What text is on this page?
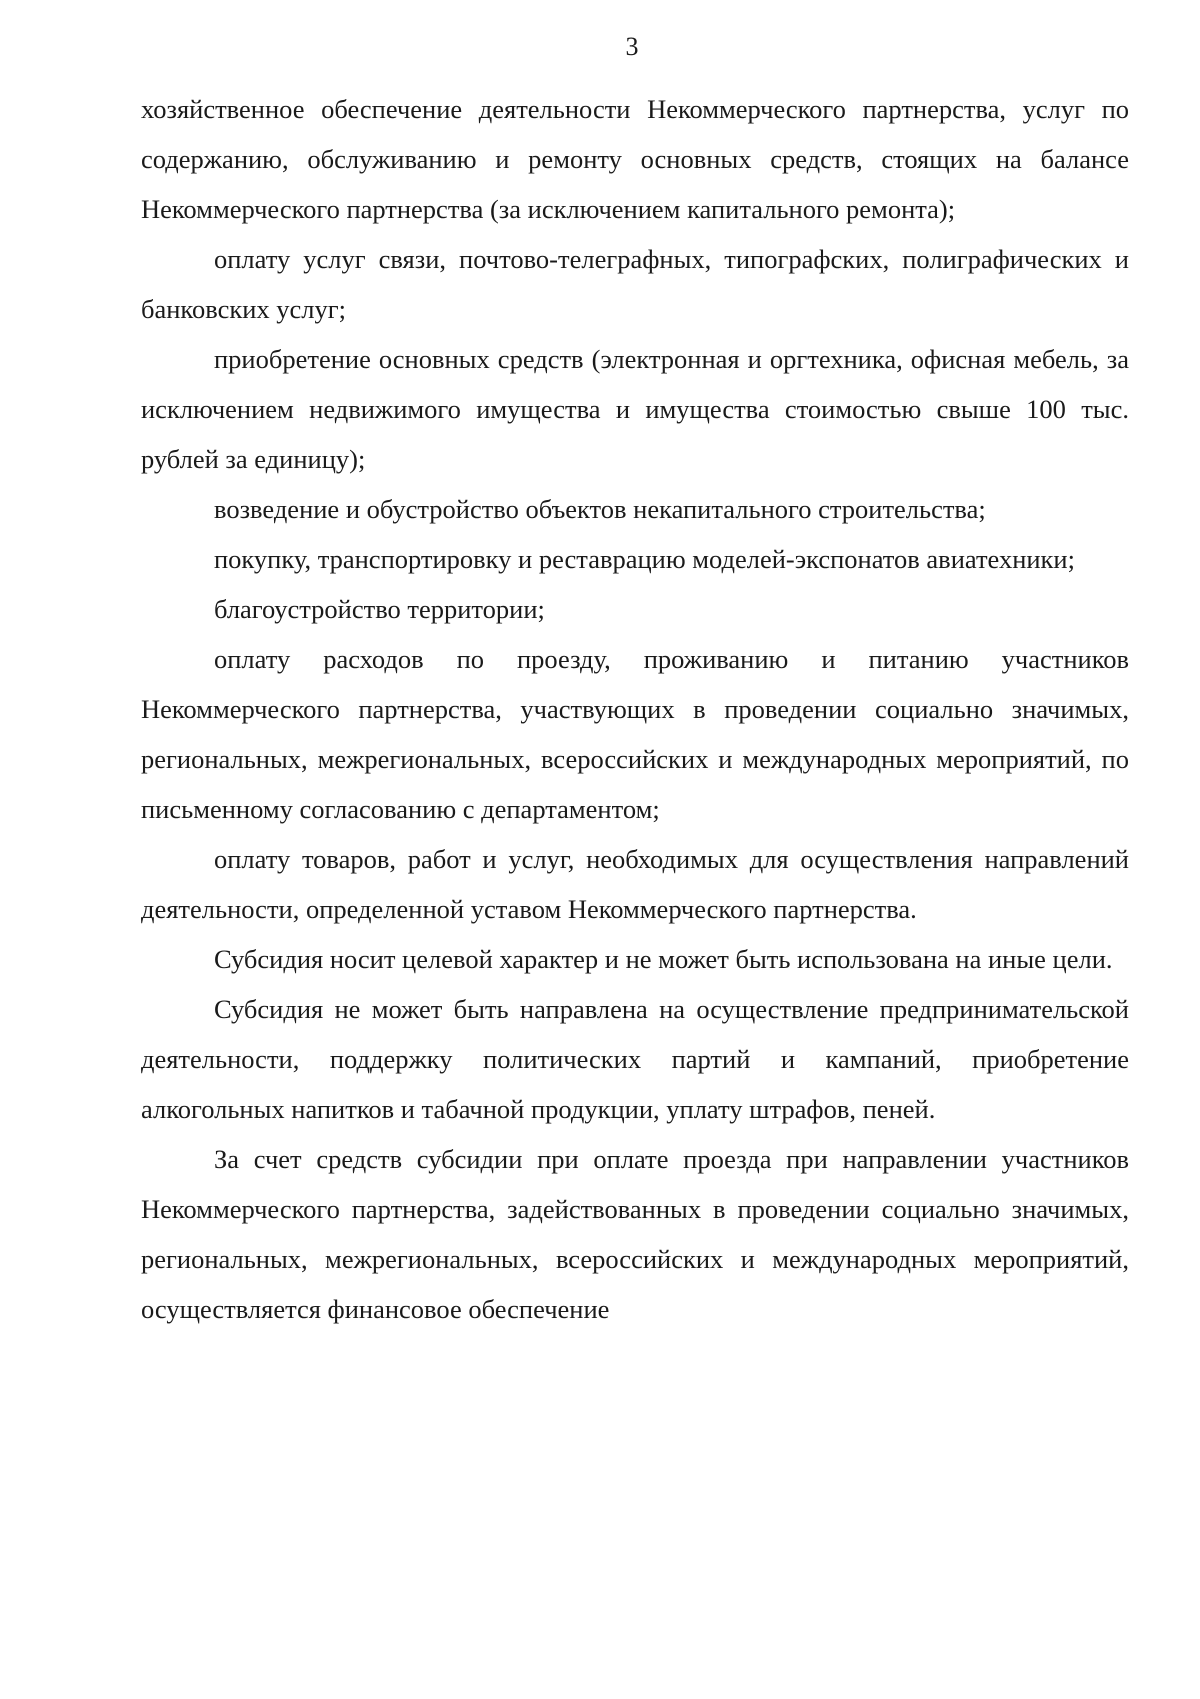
3

хозяйственное обеспечение деятельности Некоммерческого партнерства, услуг по содержанию, обслуживанию и ремонту основных средств, стоящих на балансе Некоммерческого партнерства (за исключением капитального ремонта);

оплату услуг связи, почтово-телеграфных, типографских, полиграфических и банковских услуг;

приобретение основных средств (электронная и оргтехника, офисная мебель, за исключением недвижимого имущества и имущества стоимостью свыше 100 тыс. рублей за единицу);

возведение и обустройство объектов некапитального строительства;

покупку, транспортировку и реставрацию моделей-экспонатов авиатехники;

благоустройство территории;

оплату расходов по проезду, проживанию и питанию участников Некоммерческого партнерства, участвующих в проведении социально значимых, региональных, межрегиональных, всероссийских и международных мероприятий, по письменному согласованию с департаментом;

оплату товаров, работ и услуг, необходимых для осуществления направлений деятельности, определенной уставом Некоммерческого партнерства.

Субсидия носит целевой характер и не может быть использована на иные цели.

Субсидия не может быть направлена на осуществление предпринимательской деятельности, поддержку политических партий и кампаний, приобретение алкогольных напитков и табачной продукции, уплату штрафов, пеней.

За счет средств субсидии при оплате проезда при направлении участников Некоммерческого партнерства, задействованных в проведении социально значимых, региональных, межрегиональных, всероссийских и международных мероприятий, осуществляется финансовое обеспечение
